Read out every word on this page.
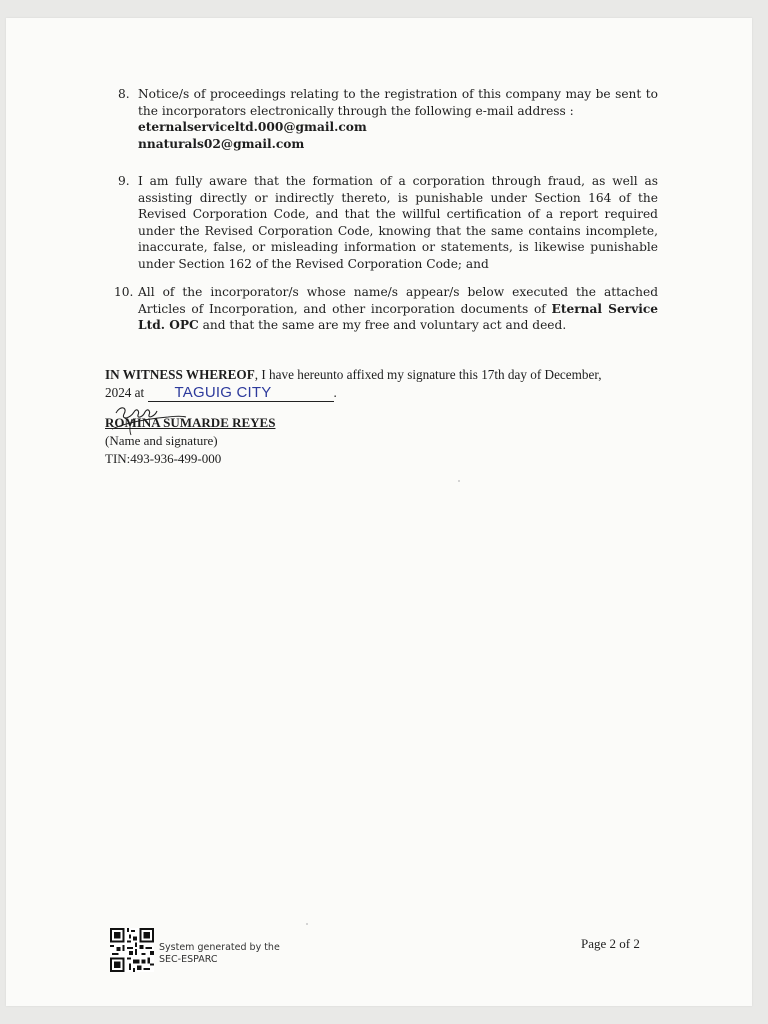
8. Notice/s of proceedings relating to the registration of this company may be sent to the incorporators electronically through the following e-mail address :
eternalserviceltd.000@gmail.com
nnaturals02@gmail.com
9. I am fully aware that the formation of a corporation through fraud, as well as assisting directly or indirectly thereto, is punishable under Section 164 of the Revised Corporation Code, and that the willful certification of a report required under the Revised Corporation Code, knowing that the same contains incomplete, inaccurate, false, or misleading information or statements, is likewise punishable under Section 162 of the Revised Corporation Code; and
10. All of the incorporator/s whose name/s appear/s below executed the attached Articles of Incorporation, and other incorporation documents of Eternal Service Ltd. OPC and that the same are my free and voluntary act and deed.
IN WITNESS WHEREOF, I have hereunto affixed my signature this 17th day of December, 2024 at TAGUIG CITY	.
ROMINA SUMARDE REYES
(Name and signature)
TIN:493-936-499-000
System generated by the
SEC-ESPARC
Page 2 of 2
